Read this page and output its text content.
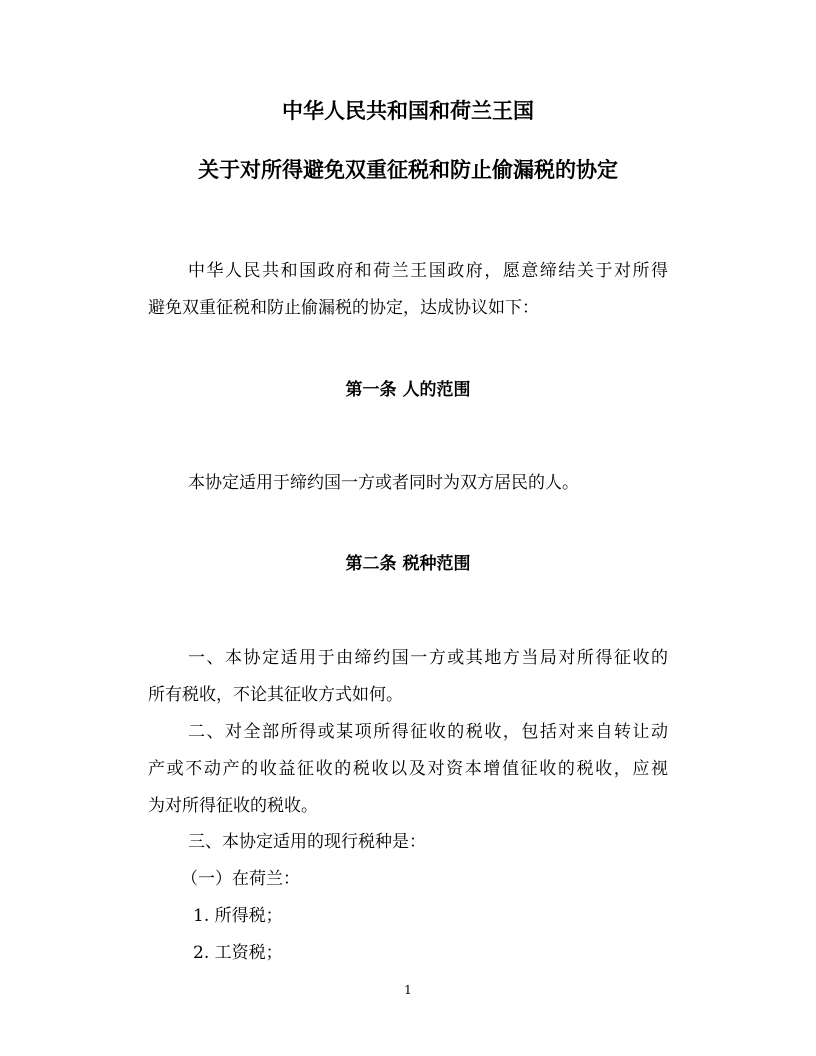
中华人民共和国和荷兰王国
关于对所得避免双重征税和防止偷漏税的协定
中华人民共和国政府和荷兰王国政府，愿意缔结关于对所得
避免双重征税和防止偷漏税的协定，达成协议如下：
第一条 人的范围
本协定适用于缔约国一方或者同时为双方居民的人。
第二条 税种范围
一、本协定适用于由缔约国一方或其地方当局对所得征收的
所有税收，不论其征收方式如何。
二、对全部所得或某项所得征收的税收，包括对来自转让动
产或不动产的收益征收的税收以及对资本增值征收的税收，应视
为对所得征收的税收。
三、本协定适用的现行税种是：
（一）在荷兰：
1. 所得税；
2. 工资税；
1
